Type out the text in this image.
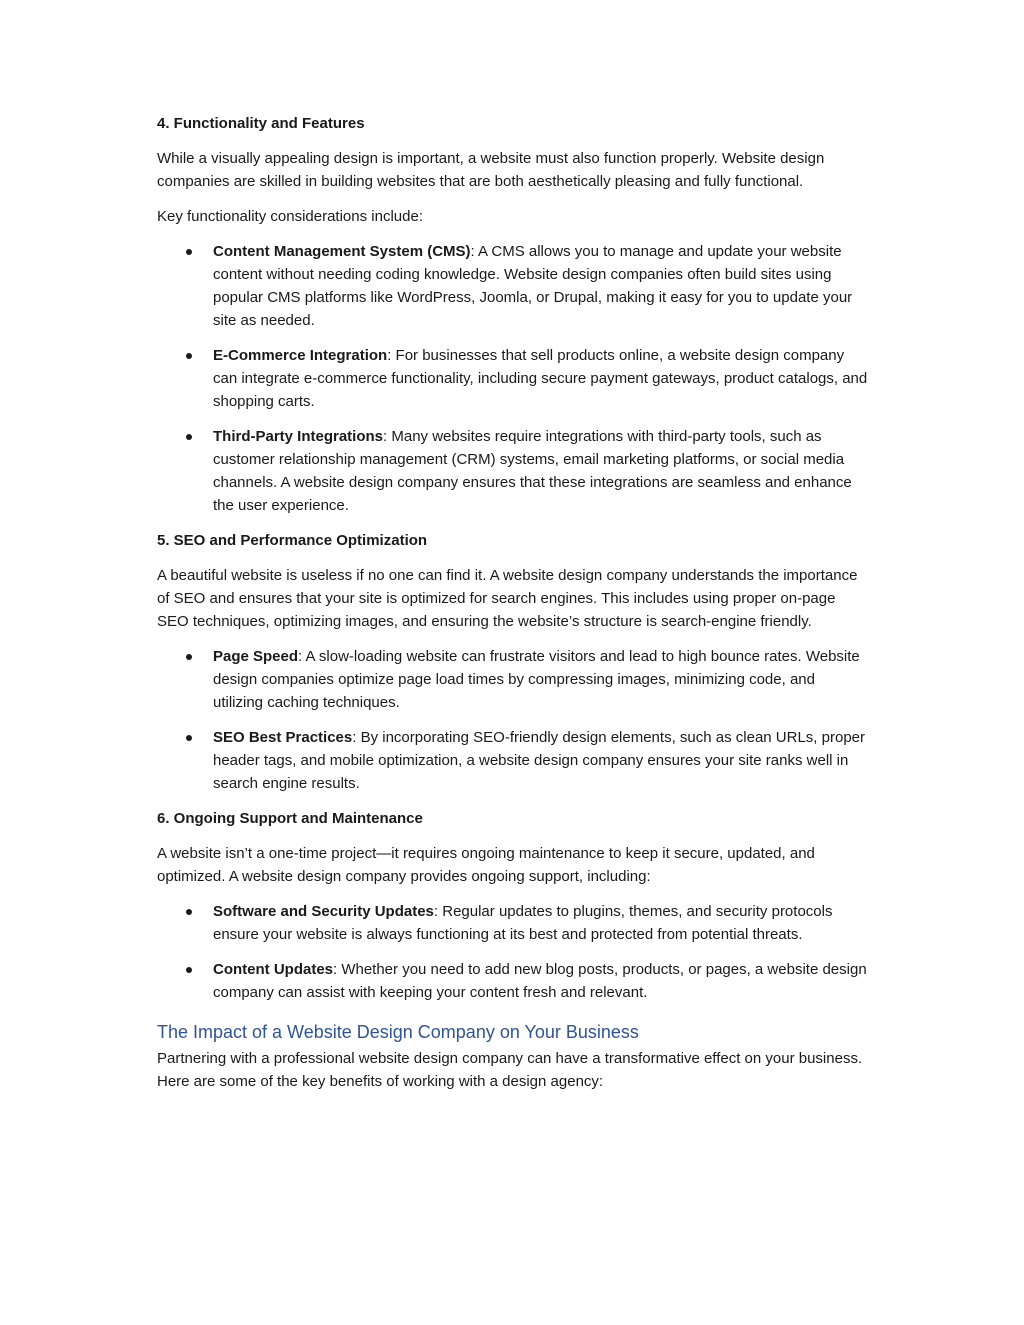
4. Functionality and Features

While a visually appealing design is important, a website must also function properly. Website design companies are skilled in building websites that are both aesthetically pleasing and fully functional.

Key functionality considerations include:

Content Management System (CMS): A CMS allows you to manage and update your website content without needing coding knowledge. Website design companies often build sites using popular CMS platforms like WordPress, Joomla, or Drupal, making it easy for you to update your site as needed.
E-Commerce Integration: For businesses that sell products online, a website design company can integrate e-commerce functionality, including secure payment gateways, product catalogs, and shopping carts.
Third-Party Integrations: Many websites require integrations with third-party tools, such as customer relationship management (CRM) systems, email marketing platforms, or social media channels. A website design company ensures that these integrations are seamless and enhance the user experience.
5. SEO and Performance Optimization

A beautiful website is useless if no one can find it. A website design company understands the importance of SEO and ensures that your site is optimized for search engines. This includes using proper on-page SEO techniques, optimizing images, and ensuring the website’s structure is search-engine friendly.

Page Speed: A slow-loading website can frustrate visitors and lead to high bounce rates. Website design companies optimize page load times by compressing images, minimizing code, and utilizing caching techniques.
SEO Best Practices: By incorporating SEO-friendly design elements, such as clean URLs, proper header tags, and mobile optimization, a website design company ensures your site ranks well in search engine results.
6. Ongoing Support and Maintenance

A website isn’t a one-time project—it requires ongoing maintenance to keep it secure, updated, and optimized. A website design company provides ongoing support, including:

Software and Security Updates: Regular updates to plugins, themes, and security protocols ensure your website is always functioning at its best and protected from potential threats.
Content Updates: Whether you need to add new blog posts, products, or pages, a website design company can assist with keeping your content fresh and relevant.
The Impact of a Website Design Company on Your Business

Partnering with a professional website design company can have a transformative effect on your business. Here are some of the key benefits of working with a design agency:
